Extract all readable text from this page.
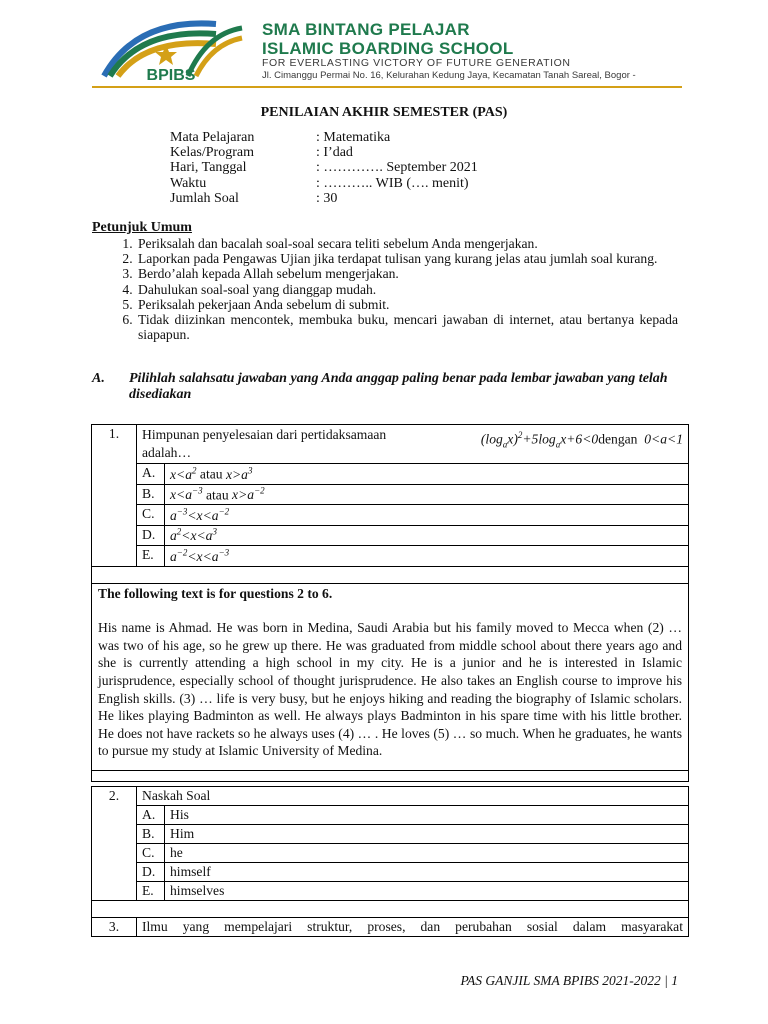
BPIBS
SMA BINTANG PELAJAR
ISLAMIC BOARDING SCHOOL
FOR EVERLASTING VICTORY OF FUTURE GENERATION
Jl. Cimanggu Permai No. 16, Kelurahan Kedung Jaya, Kecamatan Tanah Sareal, Bogor -
PENILAIAN AKHIR SEMESTER (PAS)
Mata Pelajaran	: Matematika
Kelas/Program	: I’dad
Hari, Tanggal	: …………. September 2021
Waktu	: ……….. WIB (…. menit)
Jumlah Soal	: 30
Petunjuk Umum
1. Periksalah dan bacalah soal-soal secara teliti sebelum Anda mengerjakan.
2. Laporkan pada Pengawas Ujian jika terdapat tulisan yang kurang jelas atau jumlah soal kurang.
3. Berdo’alah kepada Allah sebelum mengerjakan.
4. Dahulukan soal-soal yang dianggap mudah.
5. Periksalah pekerjaan Anda sebelum di submit.
6. Tidak diizinkan mencontek, membuka buku, mencari jawaban di internet, atau bertanya kepada siapapun.
A. Pilihlah salahsatu jawaban yang Anda anggap paling benar pada lembar jawaban yang telah disediakan
1.	Himpunan penyelesaian dari pertidaksamaan $(\log_ax)^2+5\log_ax+6<0dengan$  0<a<1

adalah…	
	A.	$x<a^2$ atau $x>a^3$
	B.	$x<a^{-3}$ atau $x>a^{-2}$
	C.	$a^{-3}<x<a^{-2}$
	D.	$a^2<x<a^3$
	E.	$a^{-2}<x<a^{-3}$

The following text is for questions 2 to 6.
His name is Ahmad. He was born in Medina, Saudi Arabia but his family moved to Mecca when (2) … was two of his age, so he grew up there. He was graduated from middle school about there years ago and she is currently attending a high school in my city. He is a junior and he is interested in Islamic jurisprudence, especially school of thought jurisprudence. He also takes an English course to improve his English skills. (3) … life is very busy, but he enjoys hiking and reading the biography of Islamic scholars. He likes playing Badminton as well. He always plays Badminton in his spare time with his little brother. He does not have rackets so he always uses (4) … . He loves (5) … so much. When he graduates, he wants to pursue my study at Islamic University of Medina.		

2.	Naskah Soal	
	A.	His
	B.	Him
	C.	he
	D.	himself
	E.	himselves

3.	Ilmu yang mempelajari struktur, proses, dan perubahan sosial dalam masyarakat	
PAS GANJIL SMA BPIBS 2021-2022 | 1
